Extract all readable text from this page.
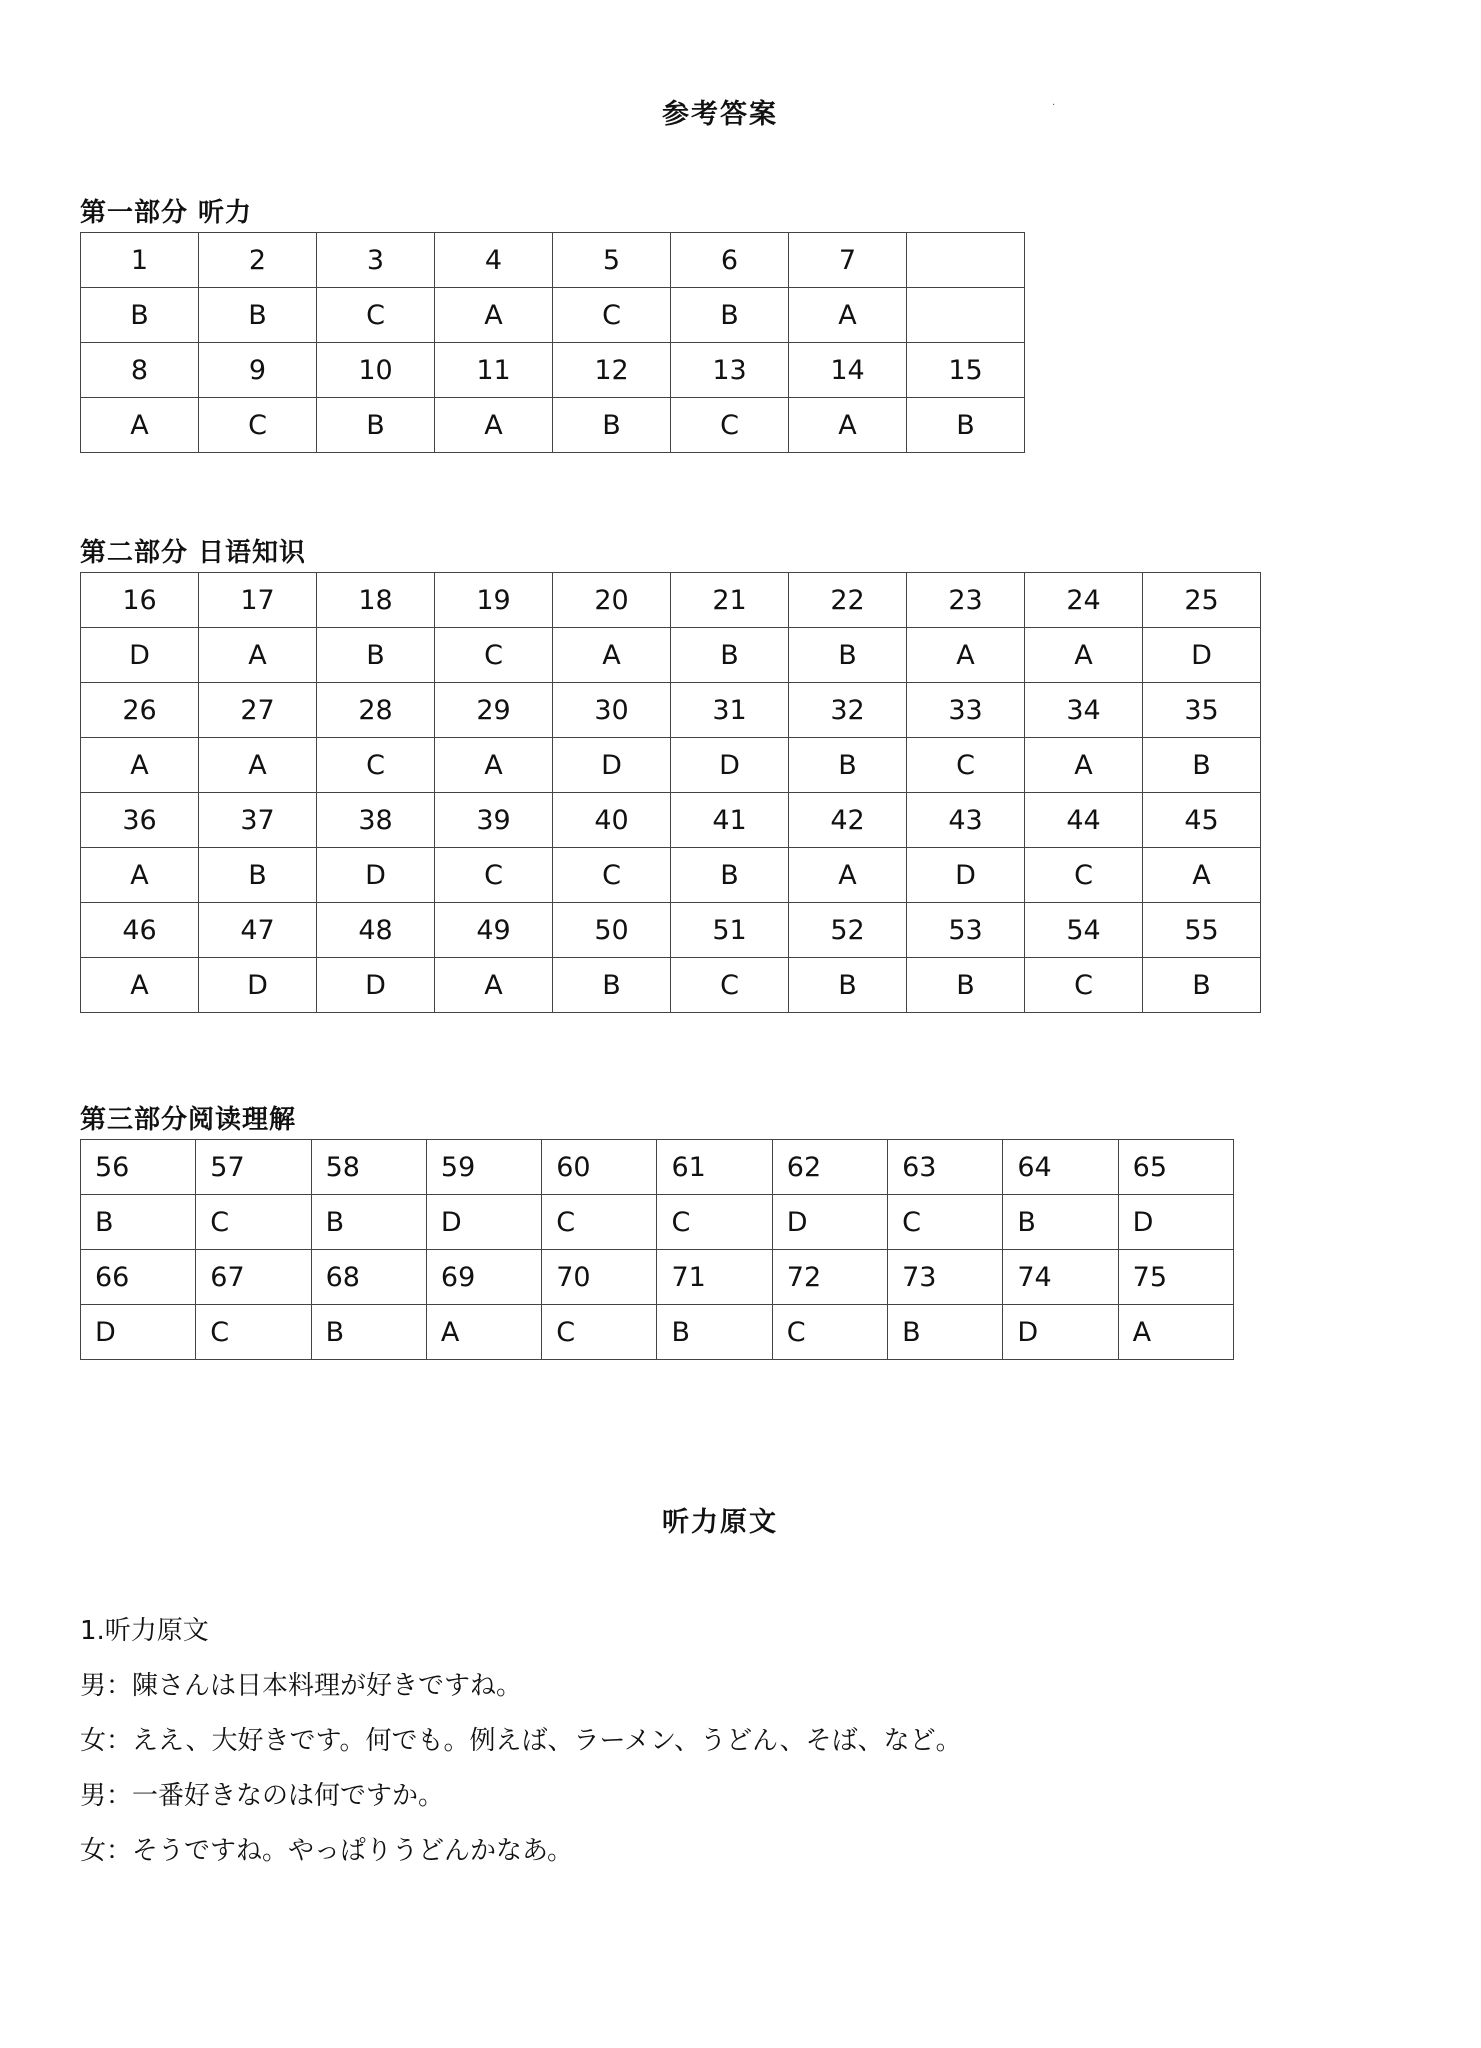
参考答案	·
第一部分 听力
1	2	3	4	5	6	7	
B	B	C	A	C	B	A	
8	9	10	11	12	13	14	15
A	C	B	A	B	C	A	B
第二部分 日语知识
16	17	18	19	20	21	22	23	24	25
D	A	B	C	A	B	B	A	A	D
26	27	28	29	30	31	32	33	34	35
A	A	C	A	D	D	B	C	A	B
36	37	38	39	40	41	42	43	44	45
A	B	D	C	C	B	A	D	C	A
46	47	48	49	50	51	52	53	54	55
A	D	D	A	B	C	B	B	C	B
第三部分阅读理解
56	57	58	59	60	61	62	63	64	65
B	C	B	D	C	C	D	C	B	D
66	67	68	69	70	71	72	73	74	75
D	C	B	A	C	B	C	B	D	A
听力原文
1.听力原文
男：陳さんは日本料理が好きですね。
女：ええ、大好きです。何でも。例えば、ラーメン、うどん、そば、など。
男：一番好きなのは何ですか。
女：そうですね。やっぱりうどんかなあ。
